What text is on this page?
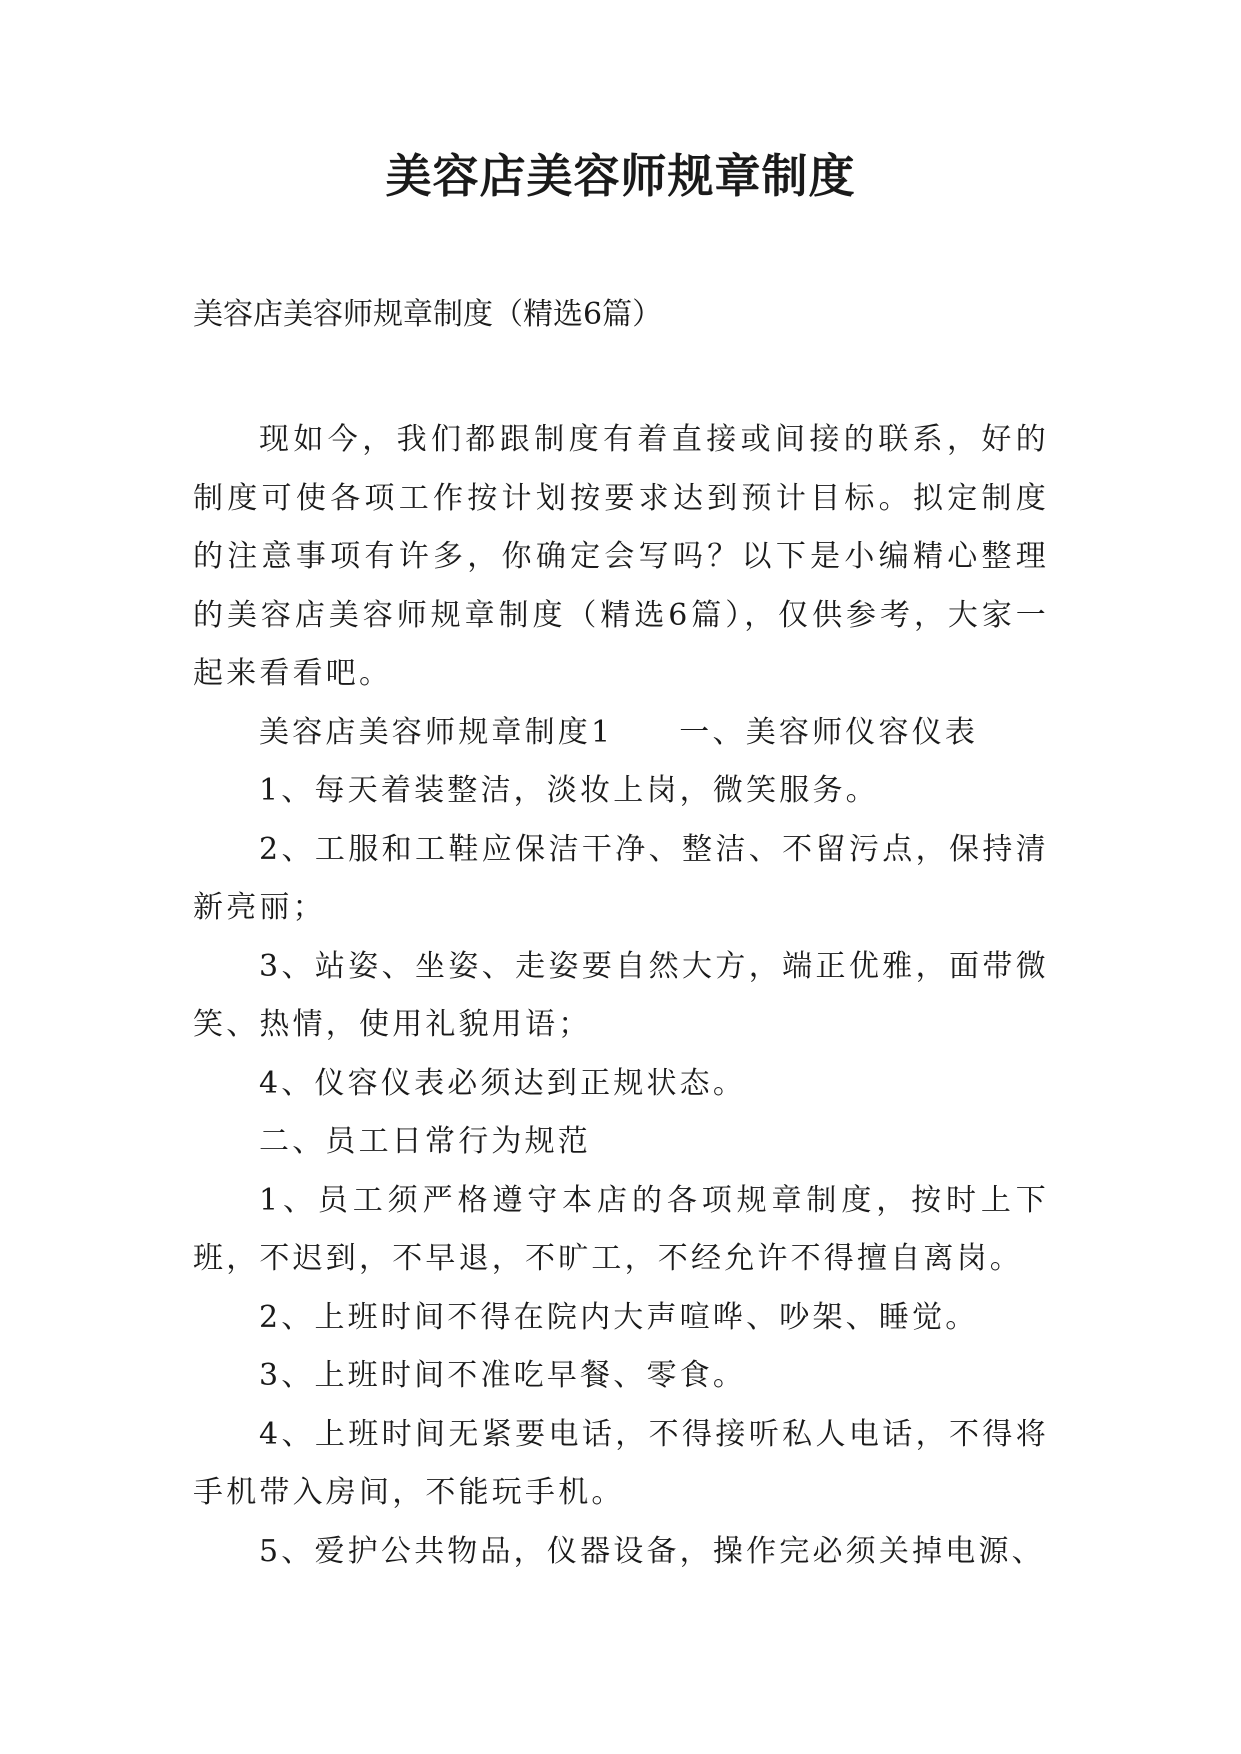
美容店美容师规章制度

美容店美容师规章制度（精选6篇）

现如今，我们都跟制度有着直接或间接的联系，好的制度可使各项工作按计划按要求达到预计目标。拟定制度的注意事项有许多，你确定会写吗？以下是小编精心整理的美容店美容师规章制度（精选6篇），仅供参考，大家一起来看看吧。

美容店美容师规章制度1 一、美容师仪容仪表

1、每天着装整洁，淡妆上岗，微笑服务。

2、工服和工鞋应保洁干净、整洁、不留污点，保持清新亮丽；

3、站姿、坐姿、走姿要自然大方，端正优雅，面带微笑、热情，使用礼貌用语；

4、仪容仪表必须达到正规状态。

二、员工日常行为规范

1、员工须严格遵守本店的各项规章制度，按时上下班，不迟到，不早退，不旷工，不经允许不得擅自离岗。

2、上班时间不得在院内大声喧哗、吵架、睡觉。

3、上班时间不准吃早餐、零食。

4、上班时间无紧要电话，不得接听私人电话，不得将手机带入房间，不能玩手机。

5、爱护公共物品，仪器设备，操作完必须关掉电源、
